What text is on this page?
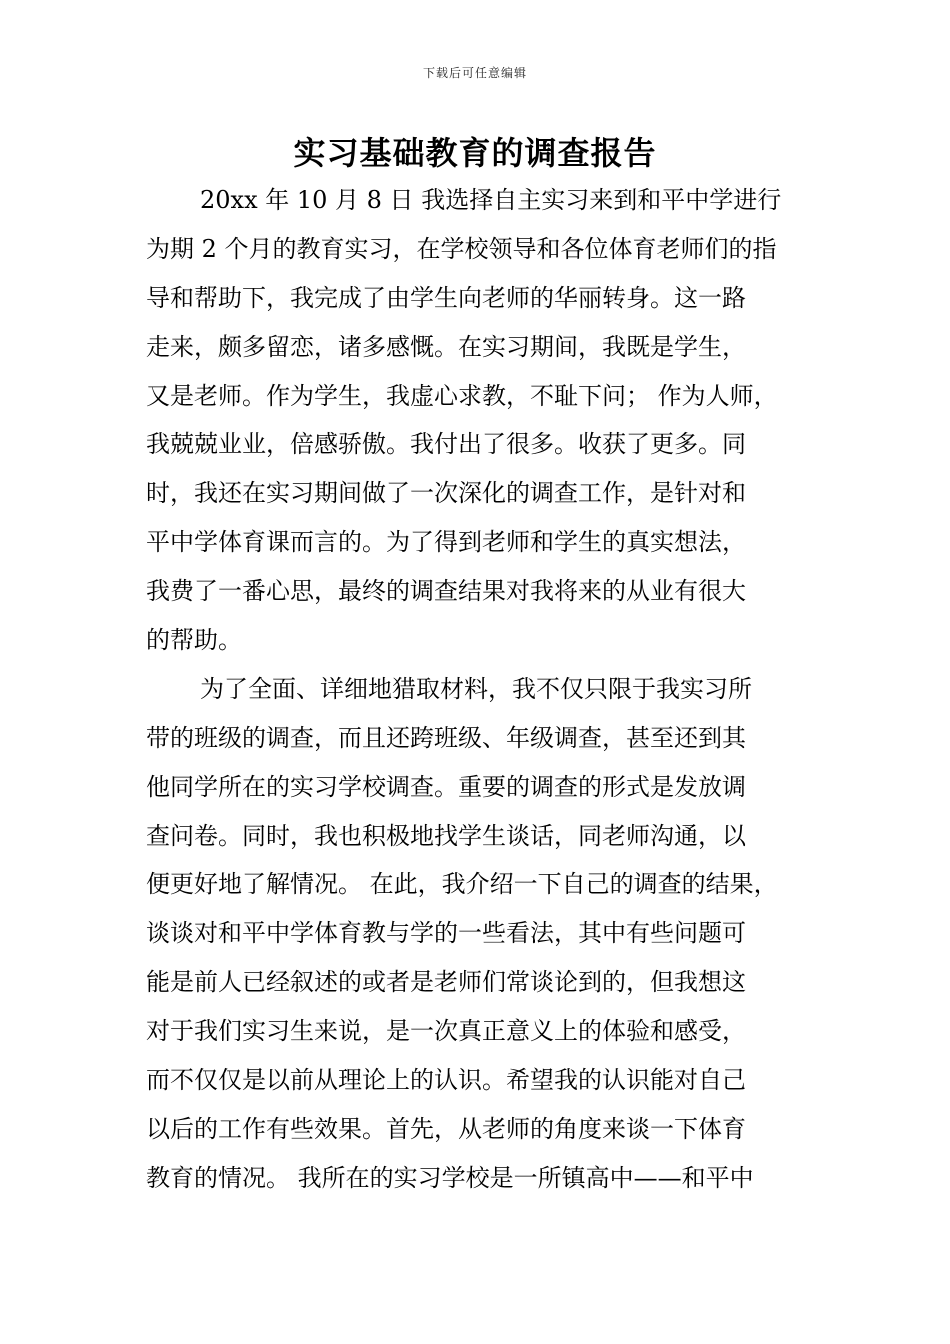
下载后可任意编辑
实习基础教育的调查报告
20xx 年 10 月 8 日 我选择自主实习来到和平中学进行
为期 2 个月的教育实习，在学校领导和各位体育老师们的指
导和帮助下，我完成了由学生向老师的华丽转身。这一路
走来，颇多留恋，诸多感慨。在实习期间，我既是学生，
又是老师。作为学生，我虚心求教，不耻下问； 作为人师，
我兢兢业业，倍感骄傲。我付出了很多。收获了更多。同
时，我还在实习期间做了一次深化的调查工作，是针对和
平中学体育课而言的。为了得到老师和学生的真实想法，
我费了一番心思，最终的调查结果对我将来的从业有很大
的帮助。
为了全面、详细地猎取材料，我不仅只限于我实习所
带的班级的调查，而且还跨班级、年级调查，甚至还到其
他同学所在的实习学校调查。重要的调查的形式是发放调
查问卷。同时，我也积极地找学生谈话，同老师沟通，以
便更好地了解情况。 在此，我介绍一下自己的调查的结果，
谈谈对和平中学体育教与学的一些看法，其中有些问题可
能是前人已经叙述的或者是老师们常谈论到的，但我想这
对于我们实习生来说，是一次真正意义上的体验和感受，
而不仅仅是以前从理论上的认识。希望我的认识能对自己
以后的工作有些效果。首先，从老师的角度来谈一下体育
教育的情况。 我所在的实习学校是一所镇高中——和平中
